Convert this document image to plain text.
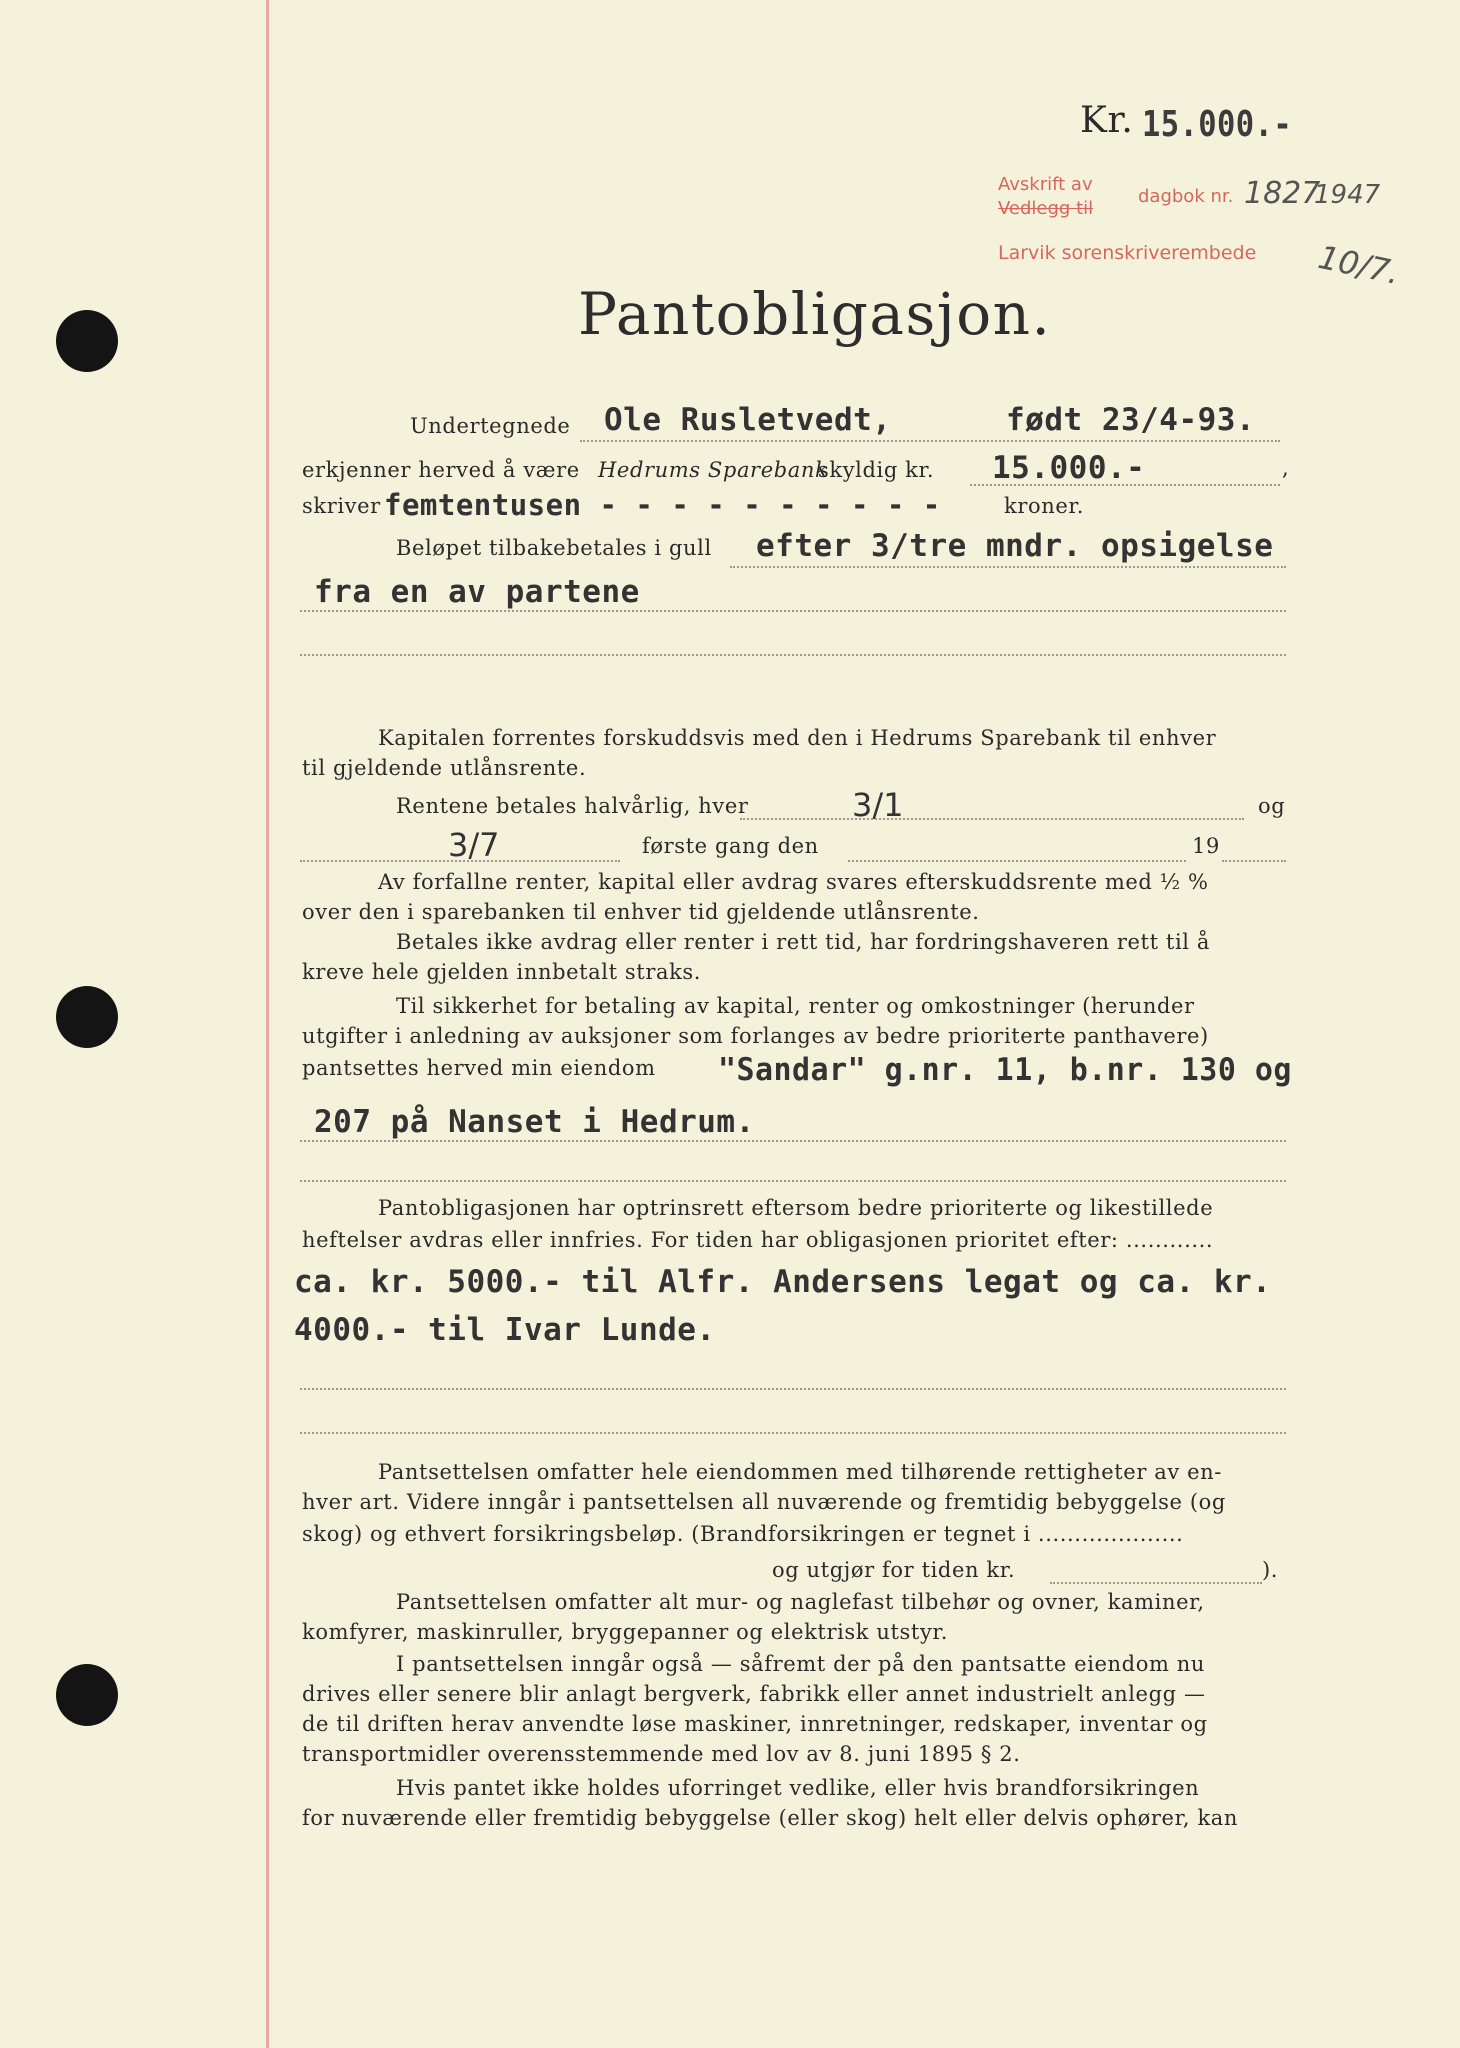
Kr. 15.000.-
Avskrift av
Vedlegg til
dagbok nr. 1827
1947
Larvik sorenskriverembede 10/7.
Pantobligasjon.
Undertegnede Ole Rusletvedt,	født 23/4-93.
erkjenner herved å være Hedrums Sparebank
skyldig kr. 15.000.-	,
skriver femtentusen - - - - - - - - - -	kroner.
Beløpet tilbakebetales i gull efter 3/tre mndr. opsigelse
fra en av partene
Kapitalen forrentes forskuddsvis med den i Hedrums Sparebank til enhver
til gjeldende utlånsrente.
Rentene betales halvårlig, hver	3/1	og
3/7	første gang den	19
Av forfallne renter, kapital eller avdrag svares efterskuddsrente med ½ %
over den i sparebanken til enhver tid gjeldende utlånsrente.
Betales ikke avdrag eller renter i rett tid, har fordringshaveren rett til å
kreve hele gjelden innbetalt straks.
Til sikkerhet for betaling av kapital, renter og omkostninger (herunder
utgifter i anledning av auksjoner som forlanges av bedre prioriterte panthavere)
pantsettes herved min eiendom "Sandar" g.nr. 11, b.nr. 130 og
207 på Nanset i Hedrum.
Pantobligasjonen har optrinsrett eftersom bedre prioriterte og likestillede
heftelser avdras eller innfries. For tiden har obligasjonen prioritet efter: ............
ca. kr. 5000.- til Alfr. Andersens legat og ca. kr.
4000.- til Ivar Lunde.
Pantsettelsen omfatter hele eiendommen med tilhørende rettigheter av en-
hver art. Videre inngår i pantsettelsen all nuværende og fremtidig bebyggelse (og
skog) og ethvert forsikringsbeløp. (Brandforsikringen er tegnet i ....................
og utgjør for tiden kr.	).
Pantsettelsen omfatter alt mur- og naglefast tilbehør og ovner, kaminer,
komfyrer, maskinruller, bryggepanner og elektrisk utstyr.
I pantsettelsen inngår også — såfremt der på den pantsatte eiendom nu
drives eller senere blir anlagt bergverk, fabrikk eller annet industrielt anlegg —
de til driften herav anvendte løse maskiner, innretninger, redskaper, inventar og
transportmidler overensstemmende med lov av 8. juni 1895 § 2.
Hvis pantet ikke holdes uforringet vedlike, eller hvis brandforsikringen
for nuværende eller fremtidig bebyggelse (eller skog) helt eller delvis ophører, kan
